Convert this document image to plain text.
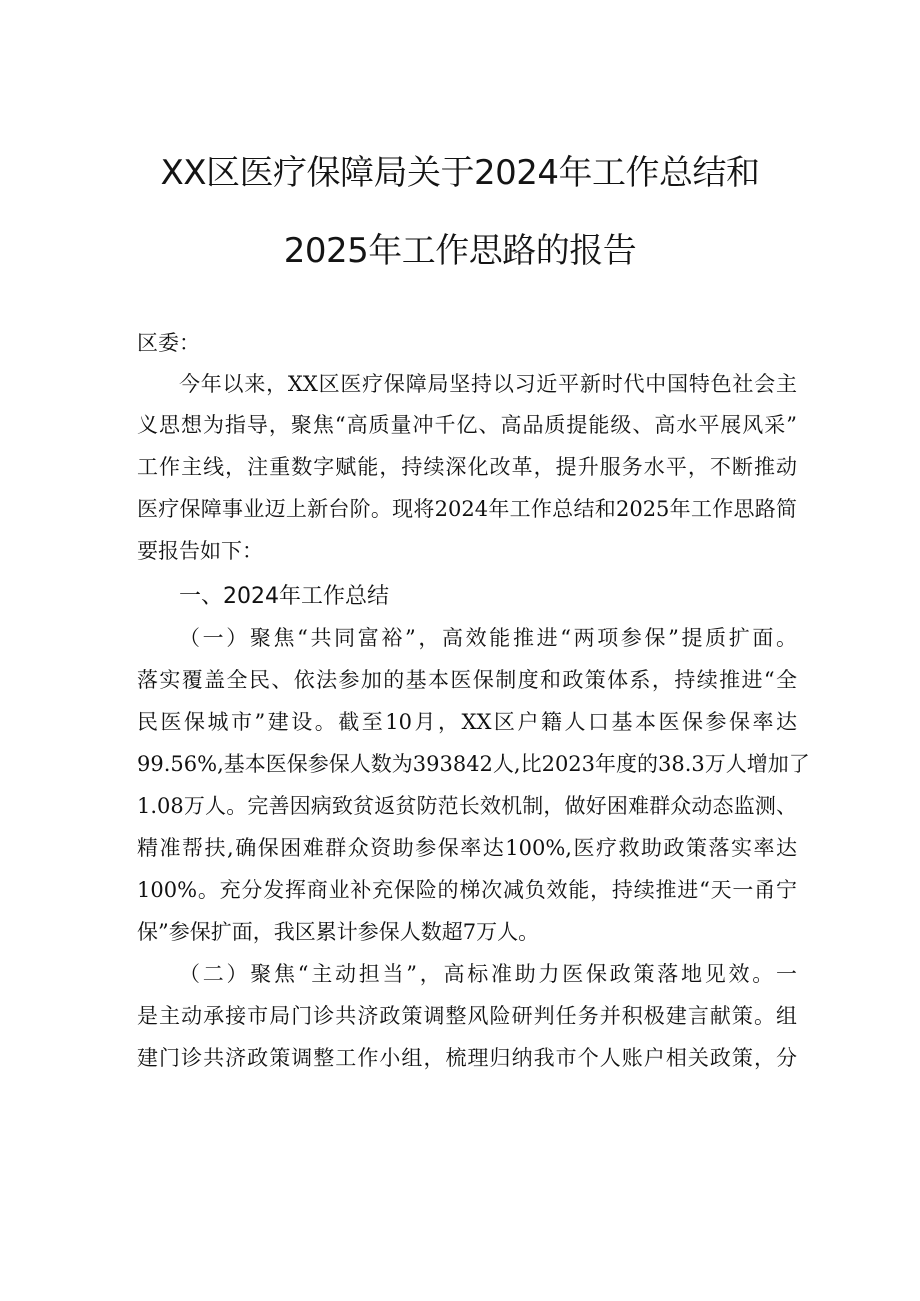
XX区医疗保障局关于2024年工作总结和
2025年工作思路的报告
区委：
今年以来，XX区医疗保障局坚持以习近平新时代中国特色社会主
义思想为指导，聚焦“高质量冲千亿、高品质提能级、高水平展风采”
工作主线，注重数字赋能，持续深化改革，提升服务水平，不断推动
医疗保障事业迈上新台阶。现将2024年工作总结和2025年工作思路简
要报告如下：
一、2024年工作总结
（一）聚焦“共同富裕”，高效能推进“两项参保”提质扩面。
落实覆盖全民、依法参加的基本医保制度和政策体系，持续推进“全
民医保城市”建设。截至10月，XX区户籍人口基本医保参保率达
99.56%,基本医保参保人数为393842人,比2023年度的38.3万人增加了
1.08万人。完善因病致贫返贫防范长效机制，做好困难群众动态监测、
精准帮扶,确保困难群众资助参保率达100%,医疗救助政策落实率达
100%。充分发挥商业补充保险的梯次减负效能，持续推进“天一甬宁
保”参保扩面，我区累计参保人数超7万人。
（二）聚焦“主动担当”，高标准助力医保政策落地见效。一
是主动承接市局门诊共济政策调整风险研判任务并积极建言献策。组
建门诊共济政策调整工作小组，梳理归纳我市个人账户相关政策，分
